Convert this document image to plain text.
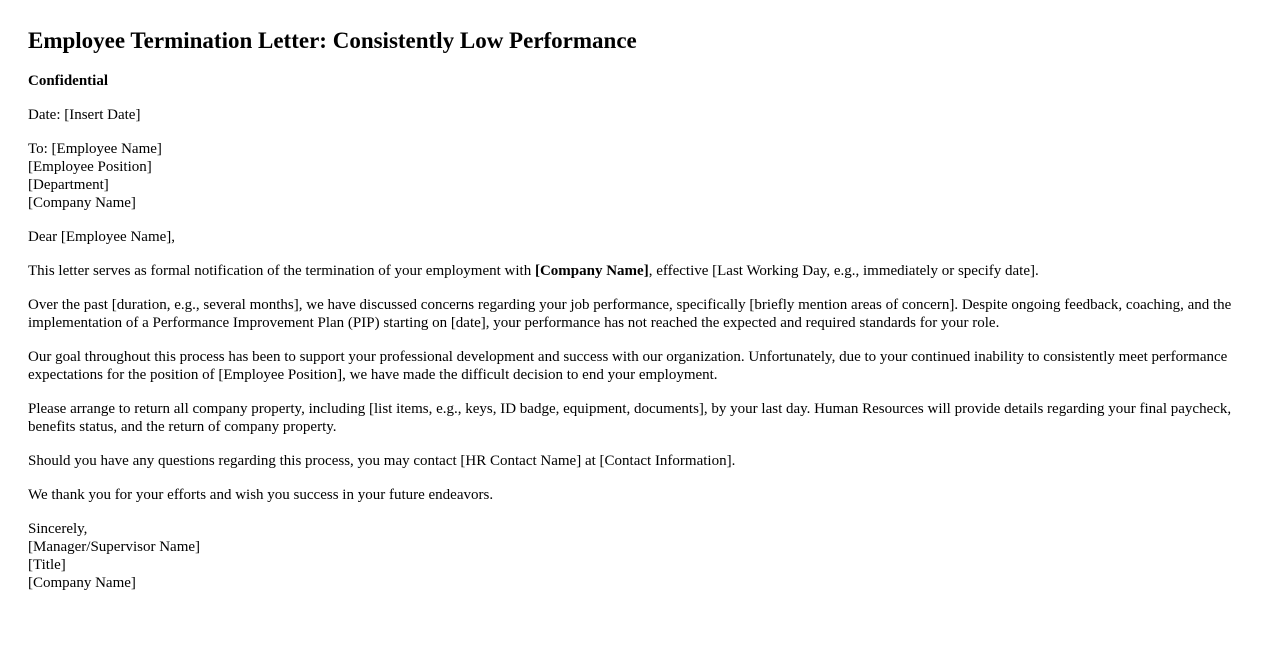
Employee Termination Letter: Consistently Low Performance

Confidential

Date: [Insert Date]

To: [Employee Name]
[Employee Position]
[Department]
[Company Name]

Dear [Employee Name],

This letter serves as formal notification of the termination of your employment with [Company Name], effective [Last Working Day, e.g., immediately or specify date].

Over the past [duration, e.g., several months], we have discussed concerns regarding your job performance, specifically [briefly mention areas of concern]. Despite ongoing feedback, coaching, and the implementation of a Performance Improvement Plan (PIP) starting on [date], your performance has not reached the expected and required standards for your role.

Our goal throughout this process has been to support your professional development and success with our organization. Unfortunately, due to your continued inability to consistently meet performance expectations for the position of [Employee Position], we have made the difficult decision to end your employment.

Please arrange to return all company property, including [list items, e.g., keys, ID badge, equipment, documents], by your last day. Human Resources will provide details regarding your final paycheck, benefits status, and the return of company property.

Should you have any questions regarding this process, you may contact [HR Contact Name] at [Contact Information].

We thank you for your efforts and wish you success in your future endeavors.

Sincerely,
[Manager/Supervisor Name]
[Title]
[Company Name]
